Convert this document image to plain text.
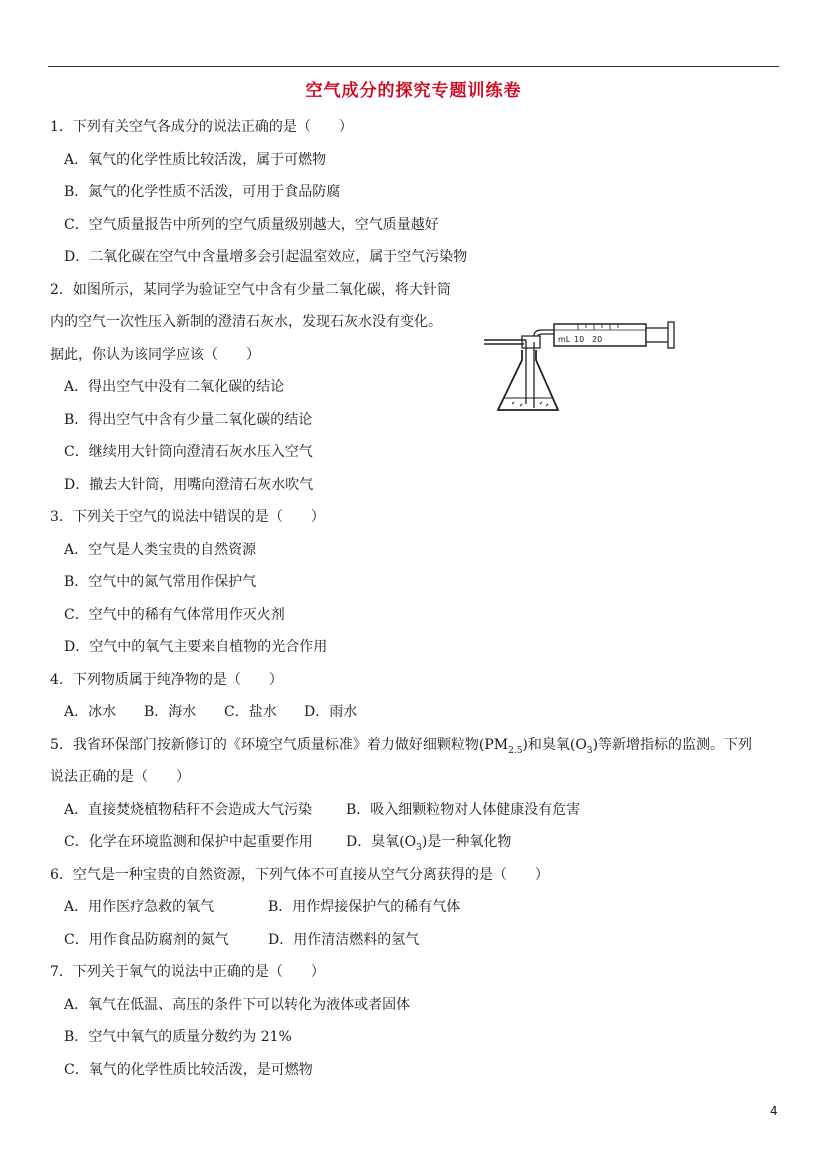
空气成分的探究专题训练卷
1．下列有关空气各成分的说法正确的是（　　）
A．氧气的化学性质比较活泼，属于可燃物
B．氮气的化学性质不活泼，可用于食品防腐
C．空气质量报告中所列的空气质量级别越大，空气质量越好
D．二氧化碳在空气中含量增多会引起温室效应，属于空气污染物
2．如图所示，某同学为验证空气中含有少量二氧化碳，将大针筒
内的空气一次性压入新制的澄清石灰水，发现石灰水没有变化。
据此，你认为该同学应该（　　）
A．得出空气中没有二氧化碳的结论
B．得出空气中含有少量二氧化碳的结论
C．继续用大针筒向澄清石灰水压入空气
D．撤去大针筒，用嘴向澄清石灰水吹气
mL 10 20
3．下列关于空气的说法中错误的是（　　）
A．空气是人类宝贵的自然资源
B．空气中的氮气常用作保护气
C．空气中的稀有气体常用作灭火剂
D．空气中的氧气主要来自植物的光合作用
4．下列物质属于纯净物的是（　　）
A．冰水	B．海水	C．盐水	D．雨水
5．我省环保部门按新修订的《环境空气质量标准》着力做好细颗粒物$(PM_{2.5})$和臭氧$(O_3)$等新增指标的监测。下列
说法正确的是（　　）
A．直接焚烧植物秸秆不会造成大气污染	B．吸入细颗粒物对人体健康没有危害
C．化学在环境监测和保护中起重要作用	D．臭氧$(O_3)$是一种氧化物
6．空气是一种宝贵的自然资源，下列气体不可直接从空气分离获得的是（　　）
A．用作医疗急救的氧气	B．用作焊接保护气的稀有气体
C．用作食品防腐剂的氮气	D．用作清洁燃料的氢气
7．下列关于氧气的说法中正确的是（　　）
A．氧气在低温、高压的条件下可以转化为液体或者固体
B．空气中氧气的质量分数约为 21%
C．氧气的化学性质比较活泼，是可燃物
4
